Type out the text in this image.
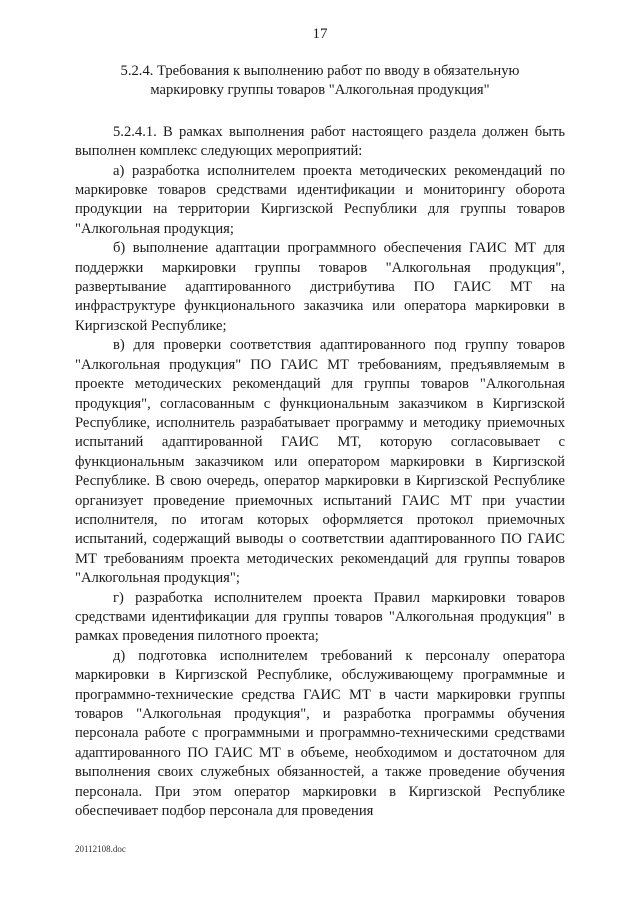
17
5.2.4. Требования к выполнению работ по вводу в обязательную
маркировку группы товаров "Алкогольная продукция"

5.2.4.1. В рамках выполнения работ настоящего раздела должен быть выполнен комплекс следующих мероприятий:

а) разработка исполнителем проекта методических рекомендаций по маркировке товаров средствами идентификации и мониторингу оборота продукции на территории Киргизской Республики для группы товаров "Алкогольная продукция;

б) выполнение адаптации программного обеспечения ГАИС МТ для поддержки маркировки группы товаров "Алкогольная продукция", развертывание адаптированного дистрибутива ПО ГАИС МТ на инфраструктуре функционального заказчика или оператора маркировки в Киргизской Республике;

в) для проверки соответствия адаптированного под группу товаров "Алкогольная продукция" ПО ГАИС МТ требованиям, предъявляемым в проекте методических рекомендаций для группы товаров "Алкогольная продукция", согласованным с функциональным заказчиком в Киргизской Республике, исполнитель разрабатывает программу и методику приемочных испытаний адаптированной ГАИС МТ, которую согласовывает с функциональным заказчиком или оператором маркировки в Киргизской Республике. В свою очередь, оператор маркировки в Киргизской Республике организует проведение приемочных испытаний ГАИС МТ при участии исполнителя, по итогам которых оформляется протокол приемочных испытаний, содержащий выводы о соответствии адаптированного ПО ГАИС МТ требованиям проекта методических рекомендаций для группы товаров "Алкогольная продукция";

г) разработка исполнителем проекта Правил маркировки товаров средствами идентификации для группы товаров "Алкогольная продукция" в рамках проведения пилотного проекта;

д) подготовка исполнителем требований к персоналу оператора маркировки в Киргизской Республике, обслуживающему программные и программно-технические средства ГАИС МТ в части маркировки группы товаров "Алкогольная продукция", и разработка программы обучения персонала работе с программными и программно-техническими средствами адаптированного ПО ГАИС МТ в объеме, необходимом и достаточном для выполнения своих служебных обязанностей, а также проведение обучения персонала. При этом оператор маркировки в Киргизской Республике обеспечивает подбор персонала для проведения

20112108.doc
